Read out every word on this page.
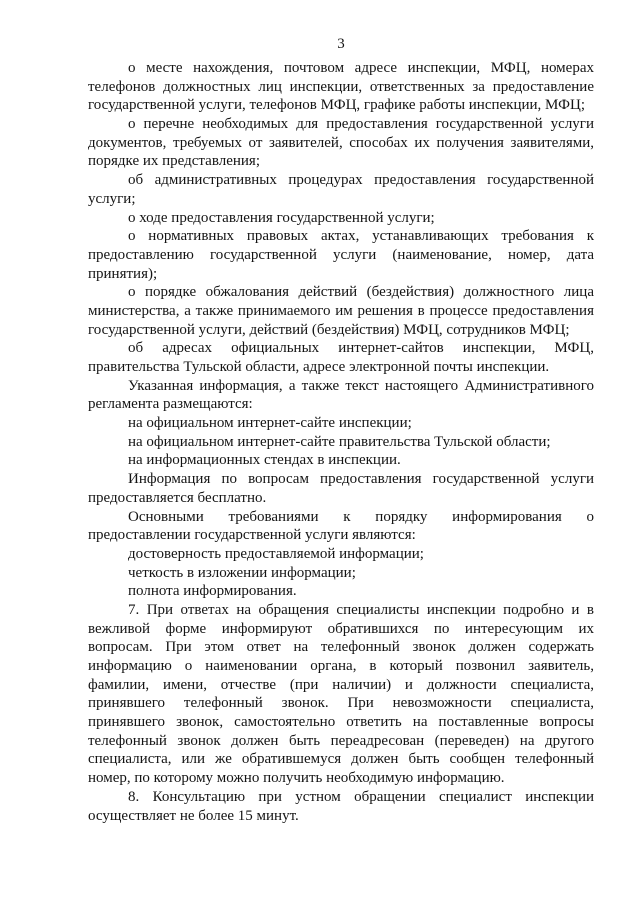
3
о месте нахождения, почтовом адресе инспекции, МФЦ, номерах
телефонов должностных лиц инспекции, ответственных за предоставление
государственной услуги, телефонов МФЦ, графике работы инспекции, МФЦ;
о перечне необходимых для предоставления государственной услуги
документов, требуемых от заявителей, способах их получения заявителями,
порядке их представления;
об административных процедурах предоставления государственной
услуги;
о ходе предоставления государственной услуги;
о нормативных правовых актах, устанавливающих требования к
предоставлению государственной услуги (наименование, номер, дата
принятия);
о порядке обжалования действий (бездействия) должностного лица
министерства, а также принимаемого им решения в процессе предоставления
государственной услуги, действий (бездействия) МФЦ, сотрудников МФЦ;
об адресах официальных интернет-сайтов инспекции, МФЦ,
правительства Тульской области, адресе электронной почты инспекции.
Указанная информация, а также текст настоящего Административного
регламента размещаются:
на официальном интернет-сайте инспекции;
на официальном интернет-сайте правительства Тульской области;
на информационных стендах в инспекции.
Информация по вопросам предоставления государственной услуги
предоставляется бесплатно.
Основными требованиями к порядку информирования о
предоставлении государственной услуги являются:
достоверность предоставляемой информации;
четкость в изложении информации;
полнота информирования.
7. При ответах на обращения специалисты инспекции подробно и в
вежливой форме информируют обратившихся по интересующим их
вопросам. При этом ответ на телефонный звонок должен содержать
информацию о наименовании органа, в который позвонил заявитель,
фамилии, имени, отчестве (при наличии) и должности специалиста,
принявшего телефонный звонок. При невозможности специалиста,
принявшего звонок, самостоятельно ответить на поставленные вопросы
телефонный звонок должен быть переадресован (переведен) на другого
специалиста, или же обратившемуся должен быть сообщен телефонный
номер, по которому можно получить необходимую информацию.
8. Консультацию при устном обращении специалист инспекции
осуществляет не более 15 минут.
